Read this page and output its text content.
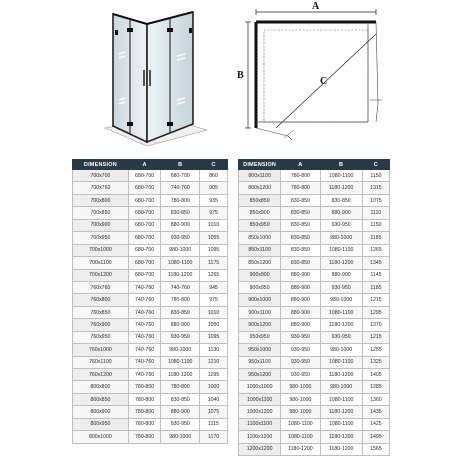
A
B
C
DIMENSION	A	B	C
700x700	680-700	680-700	860
700x760	680-700	740-760	905
700x800	680-700	780-800	935
700x850	680-700	830-850	975
700x900	680-700	880-900	1010
700x950	680-700	930-950	1055
700x1000	680-700	980-1000	1095
700x1100	680-700	1080-1100	1175
700x1200	680-700	1180-1200	1265
760x760	740-760	740-760	945
760x800	740-760	780-800	975
760x850	740-760	830-850	1010
760x900	740-760	880-900	1050
760x950	740-760	930-950	1095
760x1000	740-760	980-1000	1130
760x1100	740-760	1080-1100	1210
760x1200	740-760	1180-1200	1295
800x800	780-800	780-800	1000
800x850	780-800	830-850	1040
800x900	780-800	880-900	1075
800x950	780-800	930-950	1115
800x1000	780-800	980-1000	1170
DIMENSION	A	B	C
800x1100	780-800	1080-1100	1150
800x1200	780-800	1180-1200	1315
850x850	830-850	830-850	1075
850x900	830-850	880-900	1110
850x950	830-850	930-950	1150
850x1000	830-850	980-1000	1185
850x1100	830-850	1080-1100	1265
850x1200	830-850	1180-1200	1345
900x900	880-900	880-900	1145
900x950	880-900	930-950	1185
900x1000	880-900	980-1000	1215
900x1100	880-900	1080-1100	1295
900x1200	880-900	1180-1200	1370
950x950	930-950	930-950	1215
950x1000	930-950	980-1000	1255
950x1100	930-950	1080-1100	1325
950x1200	930-950	1180-1200	1405
1000x1000	980-1000	980-1000	1285
1000x1100	980-1000	1080-1100	1360
1000x1200	980-1000	1180-1200	1435
1100x1100	1080-1100	1080-1100	1425
1100x1200	1080-1100	1180-1200	1495
1200x1200	1180-1200	1180-1200	1565
